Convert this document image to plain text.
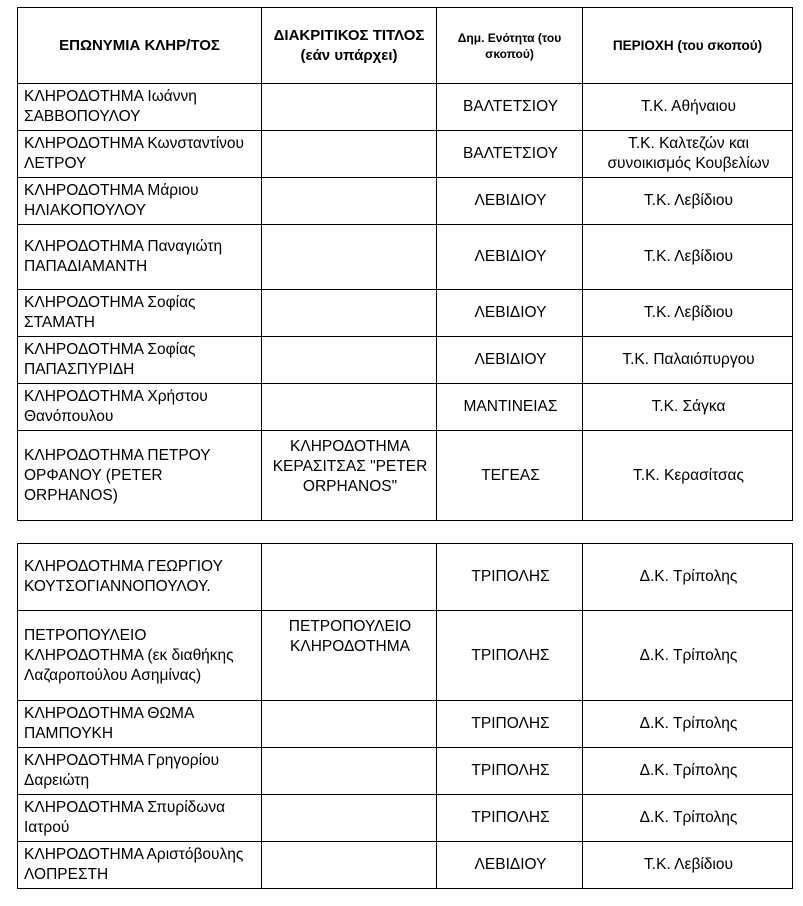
ΕΠΩΝΥΜΙΑ ΚΛΗΡ/ΤΟΣ	ΔΙΑΚΡΙΤΙΚΟΣ ΤΙΤΛΟΣ (εάν υπάρχει)	Δημ. Ενότητα (του σκοπού)	ΠΕΡΙΟΧΗ (του σκοπού)
ΚΛΗΡΟΔΟΤΗΜΑ Ιωάννη ΣΑΒΒΟΠΟΥΛΟΥ		ΒΑΛΤΕΤΣΙΟΥ	Τ.Κ. Αθήναιου
ΚΛΗΡΟΔΟΤΗΜΑ Κωνσταντίνου ΛΕΤΡΟΥ		ΒΑΛΤΕΤΣΙΟΥ	Τ.Κ. Καλτεζών και συνοικισμός Κουβελίων
ΚΛΗΡΟΔΟΤΗΜΑ Μάριου ΗΛΙΑΚΟΠΟΥΛΟΥ		ΛΕΒΙΔΙΟΥ	Τ.Κ. Λεβίδιου
ΚΛΗΡΟΔΟΤΗΜΑ Παναγιώτη ΠΑΠΑΔΙΑΜΑΝΤΗ		ΛΕΒΙΔΙΟΥ	Τ.Κ. Λεβίδιου
ΚΛΗΡΟΔΟΤΗΜΑ Σοφίας ΣΤΑΜΑΤΗ		ΛΕΒΙΔΙΟΥ	Τ.Κ. Λεβίδιου
ΚΛΗΡΟΔΟΤΗΜΑ Σοφίας ΠΑΠΑΣΠΥΡΙΔΗ		ΛΕΒΙΔΙΟΥ	Τ.Κ. Παλαιόπυργου
ΚΛΗΡΟΔΟΤΗΜΑ Χρήστου Θανόπουλου		ΜΑΝΤΙΝΕΙΑΣ	Τ.Κ. Σάγκα
ΚΛΗΡΟΔΟΤΗΜΑ ΠΕΤΡΟΥ ΟΡΦΑΝΟΥ (PETER ORPHANOS)	ΚΛΗΡΟΔΟΤΗΜΑ ΚΕΡΑΣΙΤΣΑΣ "PETER ORPHANOS"	ΤΕΓΕΑΣ	Τ.Κ. Κερασίτσας
ΚΛΗΡΟΔΟΤΗΜΑ ΓΕΩΡΓΙΟΥ ΚΟΥΤΣΟΓΙΑΝΝΟΠΟΥΛΟΥ.		ΤΡΙΠΟΛΗΣ	Δ.Κ. Τρίπολης
ΠΕΤΡΟΠΟΥΛΕΙΟ ΚΛΗΡΟΔΟΤΗΜΑ (εκ διαθήκης Λαζαροπούλου Ασημίνας)	ΠΕΤΡΟΠΟΥΛΕΙΟ ΚΛΗΡΟΔΟΤΗΜΑ	ΤΡΙΠΟΛΗΣ	Δ.Κ. Τρίπολης
ΚΛΗΡΟΔΟΤΗΜΑ ΘΩΜΑ ΠΑΜΠΟΥΚΗ		ΤΡΙΠΟΛΗΣ	Δ.Κ. Τρίπολης
ΚΛΗΡΟΔΟΤΗΜΑ Γρηγορίου Δαρειώτη		ΤΡΙΠΟΛΗΣ	Δ.Κ. Τρίπολης
ΚΛΗΡΟΔΟΤΗΜΑ Σπυρίδωνα Ιατρού		ΤΡΙΠΟΛΗΣ	Δ.Κ. Τρίπολης
ΚΛΗΡΟΔΟΤΗΜΑ Αριστόβουλης ΛΟΠΡΕΣΤΗ		ΛΕΒΙΔΙΟΥ	Τ.Κ. Λεβίδιου
